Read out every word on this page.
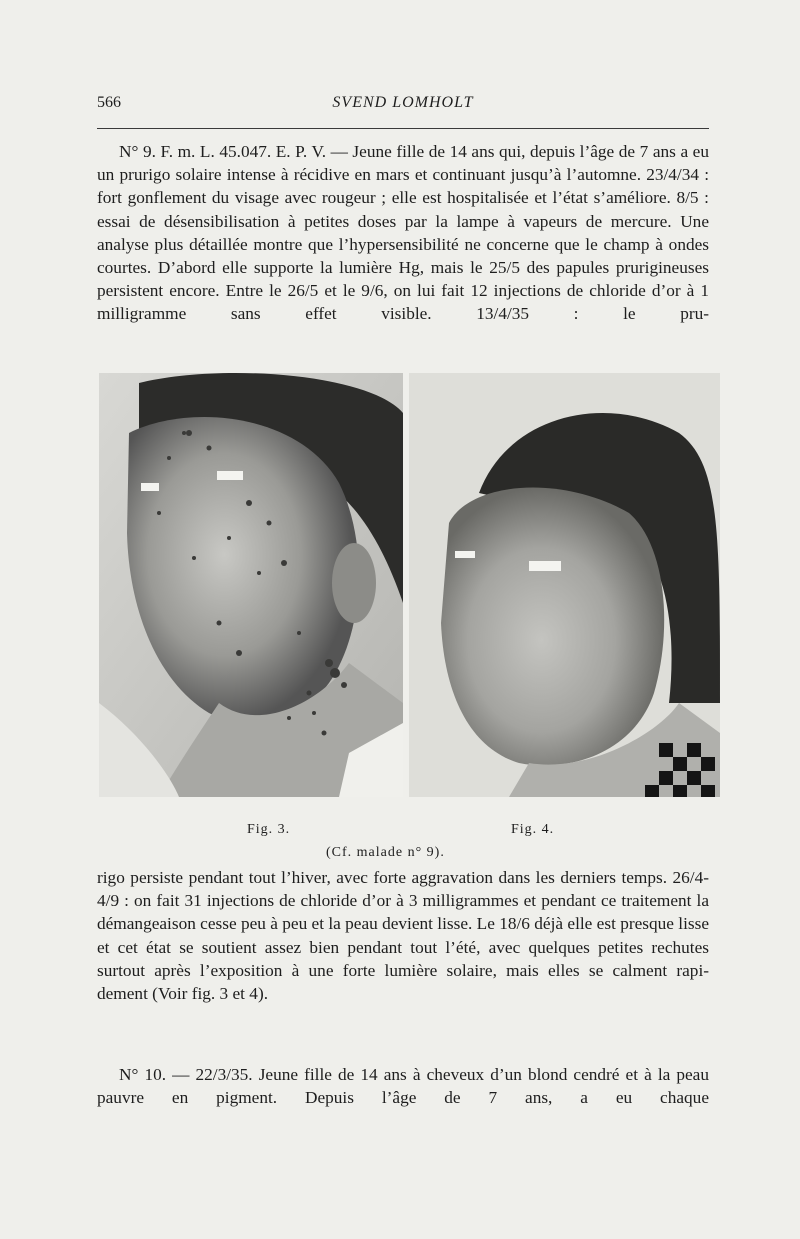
566	SVEND LOMHOLT

N° 9. F. m. L. 45.047. E. P. V. — Jeune fille de 14 ans qui, depuis l’âge de 7 ans a eu un prurigo solaire intense à récidive en mars et continuant jusqu’à l’automne. 23/4/34 : fort gonflement du visage avec rougeur ; elle est hospitalisée et l’état s’améliore. 8/5 : essai de désensibilisation à petites doses par la lampe à vapeurs de mercure. Une analyse plus détaillée montre que l’hypersensibilité ne concerne que le champ à ondes courtes. D’abord elle supporte la lumière Hg, mais le 25/5 des papules prurigineuses persistent encore. Entre le 26/5 et le 9/6, on lui fait 12 injections de chloride d’or à 1 milligramme sans effet visible. 13/4/35 : le pru-

Fig. 3.	Fig. 4.
(Cf. malade n° 9).

rigo persiste pendant tout l’hiver, avec forte aggravation dans les derniers temps. 26/4-4/9 : on fait 31 injections de chloride d’or à 3 milligrammes et pendant ce traitement la démangeaison cesse peu à peu et la peau devient lisse. Le 18/6 déjà elle est presque lisse et cet état se soutient assez bien pendant tout l’été, avec quelques petites rechutes surtout après l’exposition à une forte lumière solaire, mais elles se calment rapi-
dement (Voir fig. 3 et 4).

N° 10. — 22/3/35. Jeune fille de 14 ans à cheveux d’un blond cendré et à la peau pauvre en pigment. Depuis l’âge de 7 ans, a eu chaque
